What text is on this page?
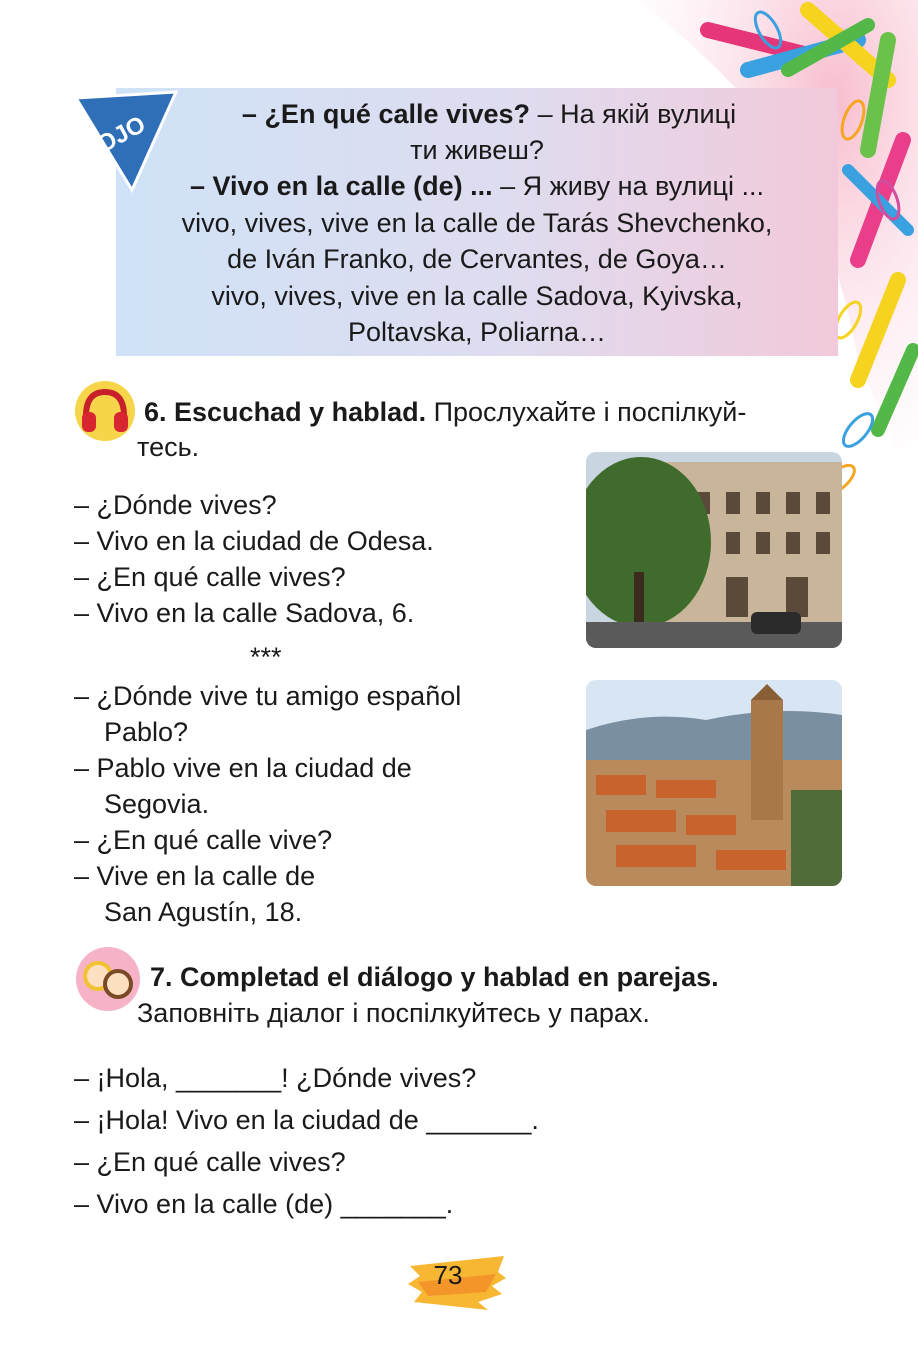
OJO	– ¿En qué calle vives? – На якій вулиці
ти живеш?
– Vivo en la calle (de) ... – Я живу на вулиці ...
vivo, vives, vive en la calle de Tarás Shevchenko,
de Iván Franko, de Cervantes, de Goya…
vivo, vives, vive en la calle Sadova, Kyivska,
Poltavska, Poliarna…
6. Escuchad y hablad. Прослухайте і поспілкуй-
тесь.
– ¿Dónde vives?
– Vivo en la ciudad de Odesa.
– ¿En qué calle vives?
– Vivo en la calle Sadova, 6.
***
– ¿Dónde vive tu amigo español
Pablo?
– Pablo vive en la ciudad de
Segovia.
– ¿En qué calle vive?
– Vive en la calle de
San Agustín, 18.
7. Completad el diálogo y hablad en parejas.
Заповніть діалог і поспілкуйтесь у парах.
– ¡Hola, _______! ¿Dónde vives?
– ¡Hola! Vivo en la ciudad de _______.
– ¿En qué calle vives?
– Vivo en la calle (de) _______.
73
